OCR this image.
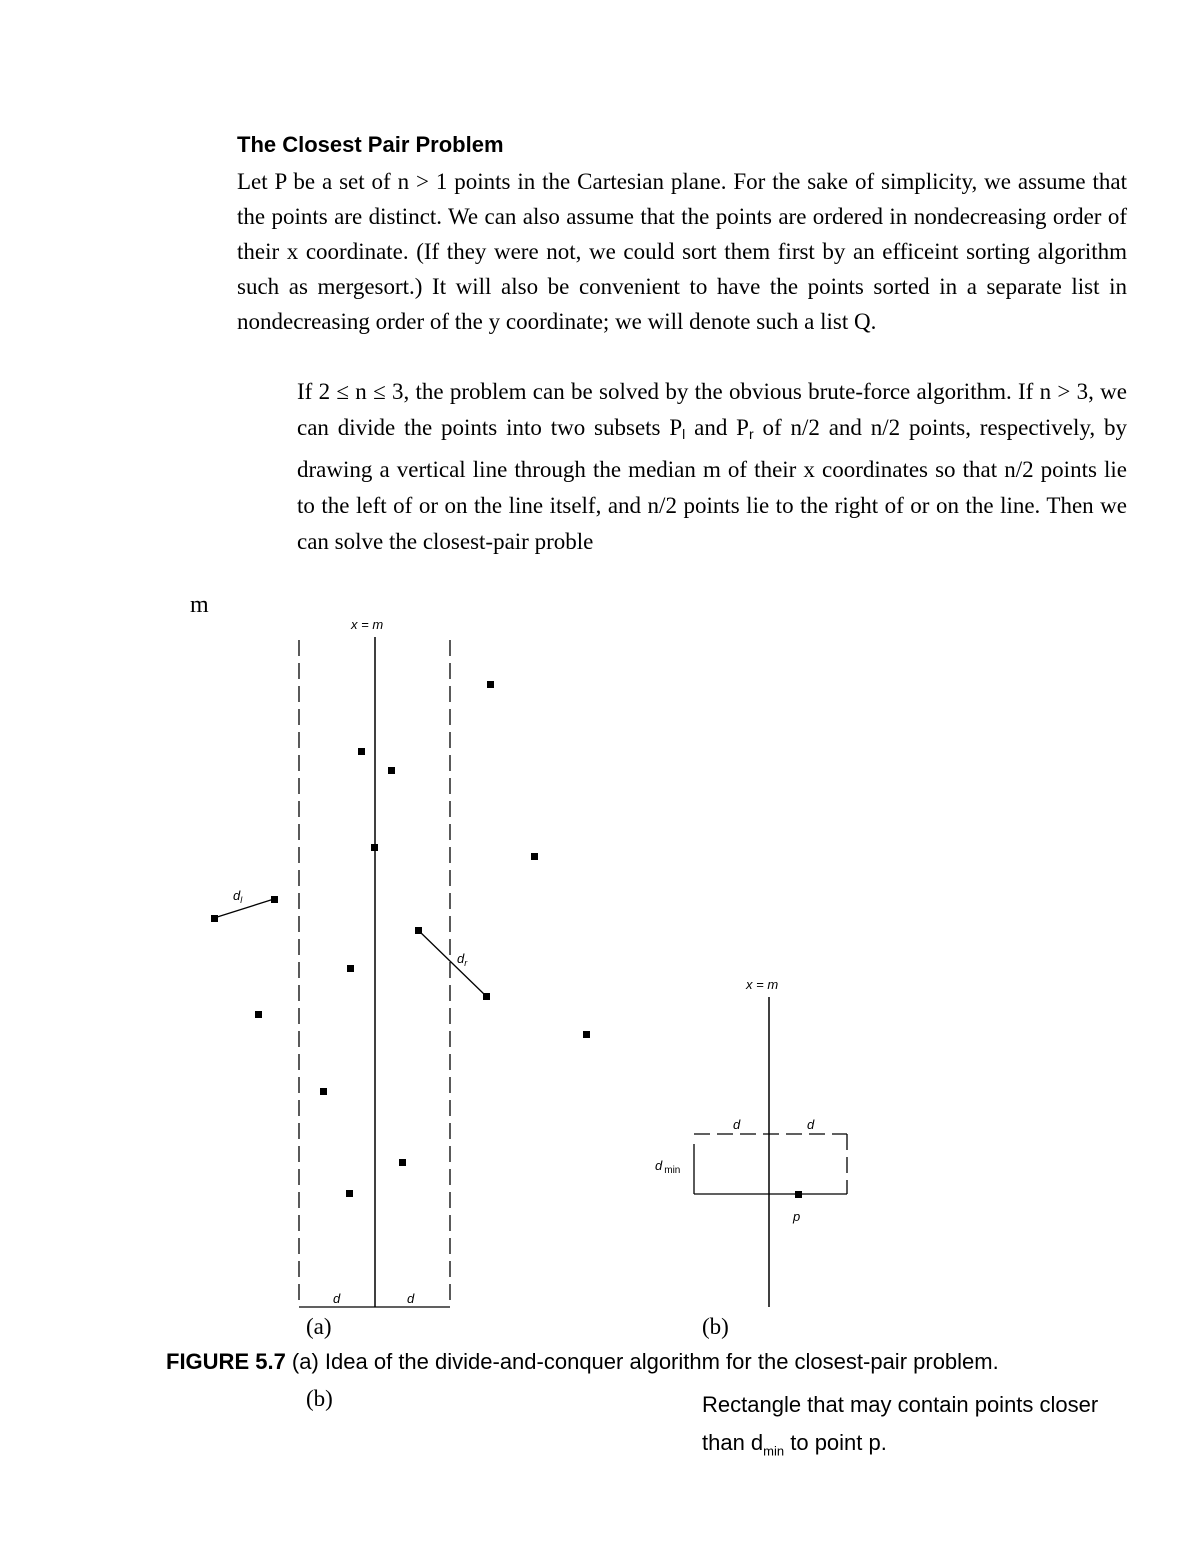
The Closest Pair Problem
Let P be a set of n > 1 points in the Cartesian plane. For the sake of simplicity, we assume that the points are distinct. We can also assume that the points are ordered in nondecreasing order of their x coordinate. (If they were not, we could sort them first by an efficeint sorting algorithm such as mergesort.) It will also be convenient to have the points sorted in a separate list in nondecreasing order of the y coordinate; we will denote such a list Q.
If 2 ≤ n ≤ 3, the problem can be solved by the obvious brute-force algorithm. If n > 3, we can divide the points into two subsets $P_l$ and $P_r$ of n/2 and n/2 points, respectively, by drawing a vertical line through the median m of their x coordinates so that n/2 points lie to the left of or on the line itself, and n/2 points lie to the right of or on the line. Then we can solve the closest-pair proble
m
x = m
d	d
$d_l$
$d_r$
x = m
d	d
d $_{min}$
p
(a)	(b)
FIGURE 5.7 (a) Idea of the divide-and-conquer algorithm for the closest-pair problem.
(b)	Rectangle that may contain points closer than $d_{min}$ to point p.
